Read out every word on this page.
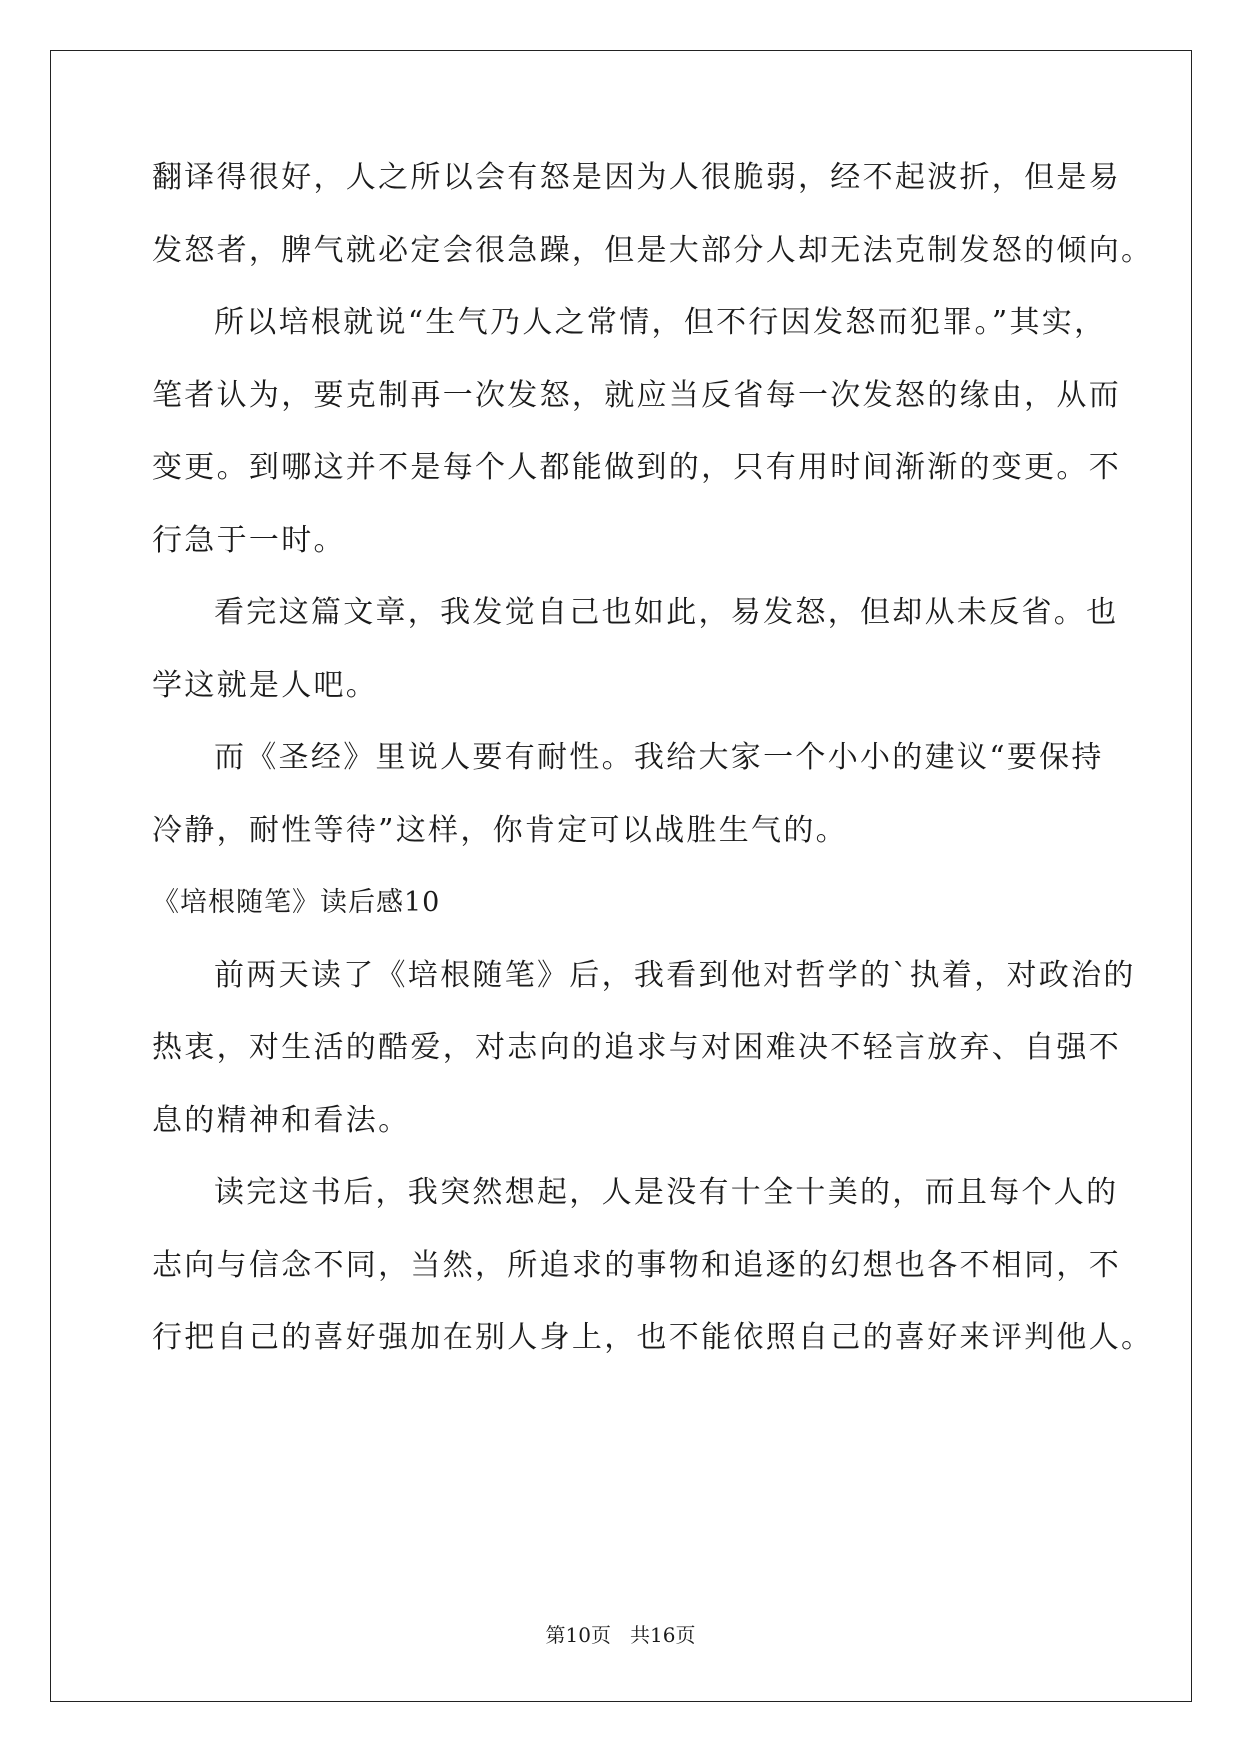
翻译得很好，人之所以会有怒是因为人很脆弱，经不起波折，但是易
发怒者，脾气就必定会很急躁，但是大部分人却无法克制发怒的倾向。
所以培根就说“生气乃人之常情，但不行因发怒而犯罪。”其实，
笔者认为，要克制再一次发怒，就应当反省每一次发怒的缘由，从而
变更。到哪这并不是每个人都能做到的，只有用时间渐渐的变更。不
行急于一时。
看完这篇文章，我发觉自己也如此，易发怒，但却从未反省。也
学这就是人吧。
而《圣经》里说人要有耐性。我给大家一个小小的建议“要保持
冷静，耐性等待”这样，你肯定可以战胜生气的。
《培根随笔》读后感10
前两天读了《培根随笔》后，我看到他对哲学的`执着，对政治的
热衷，对生活的酷爱，对志向的追求与对困难决不轻言放弃、自强不
息的精神和看法。
读完这书后，我突然想起，人是没有十全十美的，而且每个人的
志向与信念不同，当然，所追求的事物和追逐的幻想也各不相同，不
行把自己的喜好强加在别人身上，也不能依照自己的喜好来评判他人。
第10页 共16页
